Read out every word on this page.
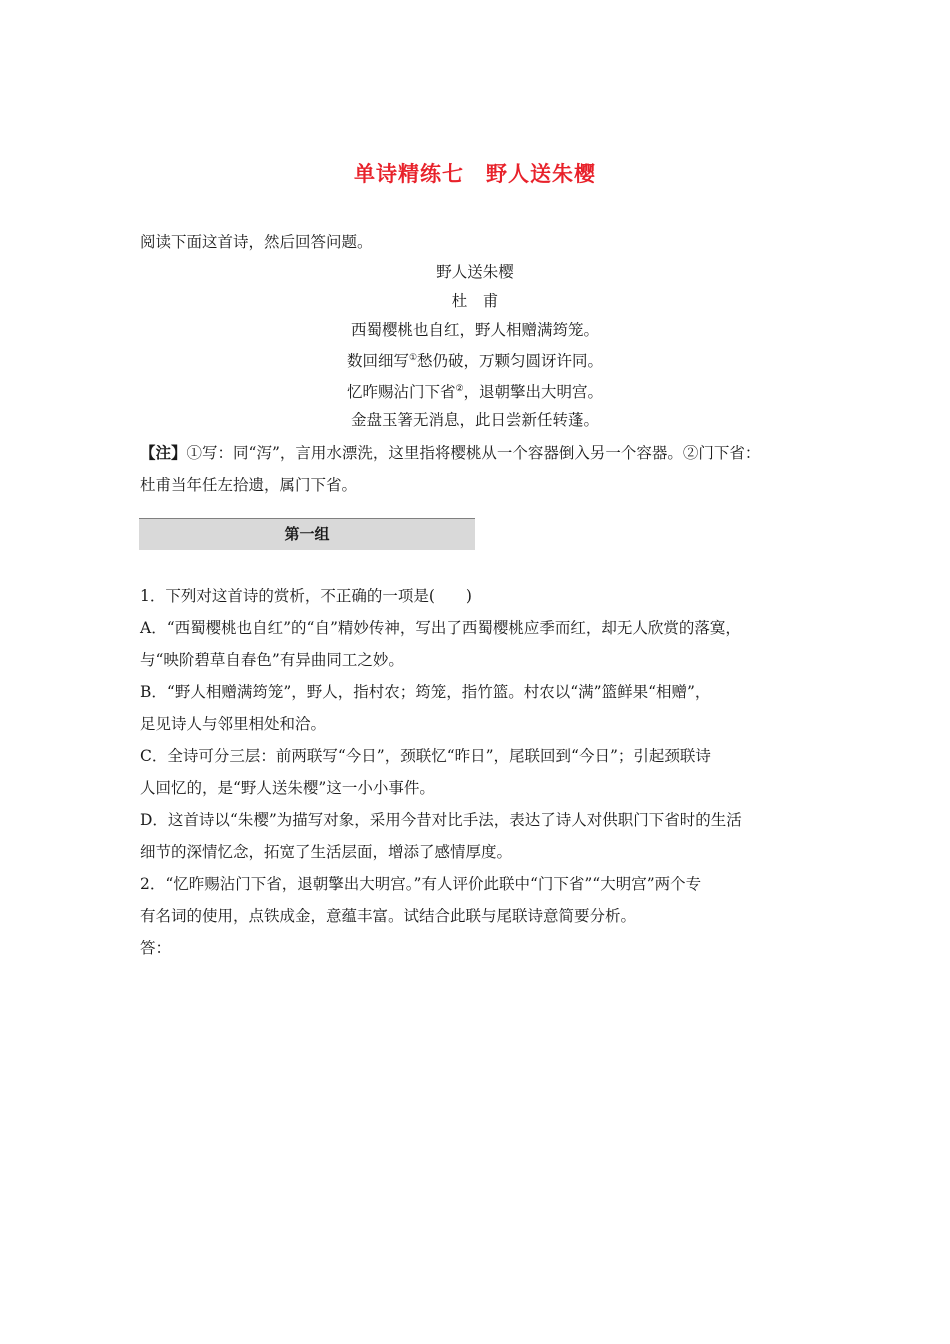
单诗精练七　野人送朱樱
阅读下面这首诗，然后回答问题。
野人送朱樱
杜　甫
西蜀樱桃也自红，野人相赠满筠笼。
数回细写①愁仍破，万颗匀圆讶许同。
忆昨赐沾门下省②，退朝擎出大明宫。
金盘玉箸无消息，此日尝新任转蓬。
【注】①写：同“泻”，言用水漂洗，这里指将樱桃从一个容器倒入另一个容器。②门下省：
杜甫当年任左拾遗，属门下省。
第一组
1．下列对这首诗的赏析，不正确的一项是(　　)
A．“西蜀樱桃也自红”的“自”精妙传神，写出了西蜀樱桃应季而红，却无人欣赏的落寞，
与“映阶碧草自春色”有异曲同工之妙。
B．“野人相赠满筠笼”，野人，指村农；筠笼，指竹篮。村农以“满”篮鲜果“相赠”，
足见诗人与邻里相处和洽。
C．全诗可分三层：前两联写“今日”，颈联忆“昨日”，尾联回到“今日”；引起颈联诗
人回忆的，是“野人送朱樱”这一小小事件。
D．这首诗以“朱樱”为描写对象，采用今昔对比手法，表达了诗人对供职门下省时的生活
细节的深情忆念，拓宽了生活层面，增添了感情厚度。
2．“忆昨赐沾门下省，退朝擎出大明宫。”有人评价此联中“门下省”“大明宫”两个专
有名词的使用，点铁成金，意蕴丰富。试结合此联与尾联诗意简要分析。
答：
